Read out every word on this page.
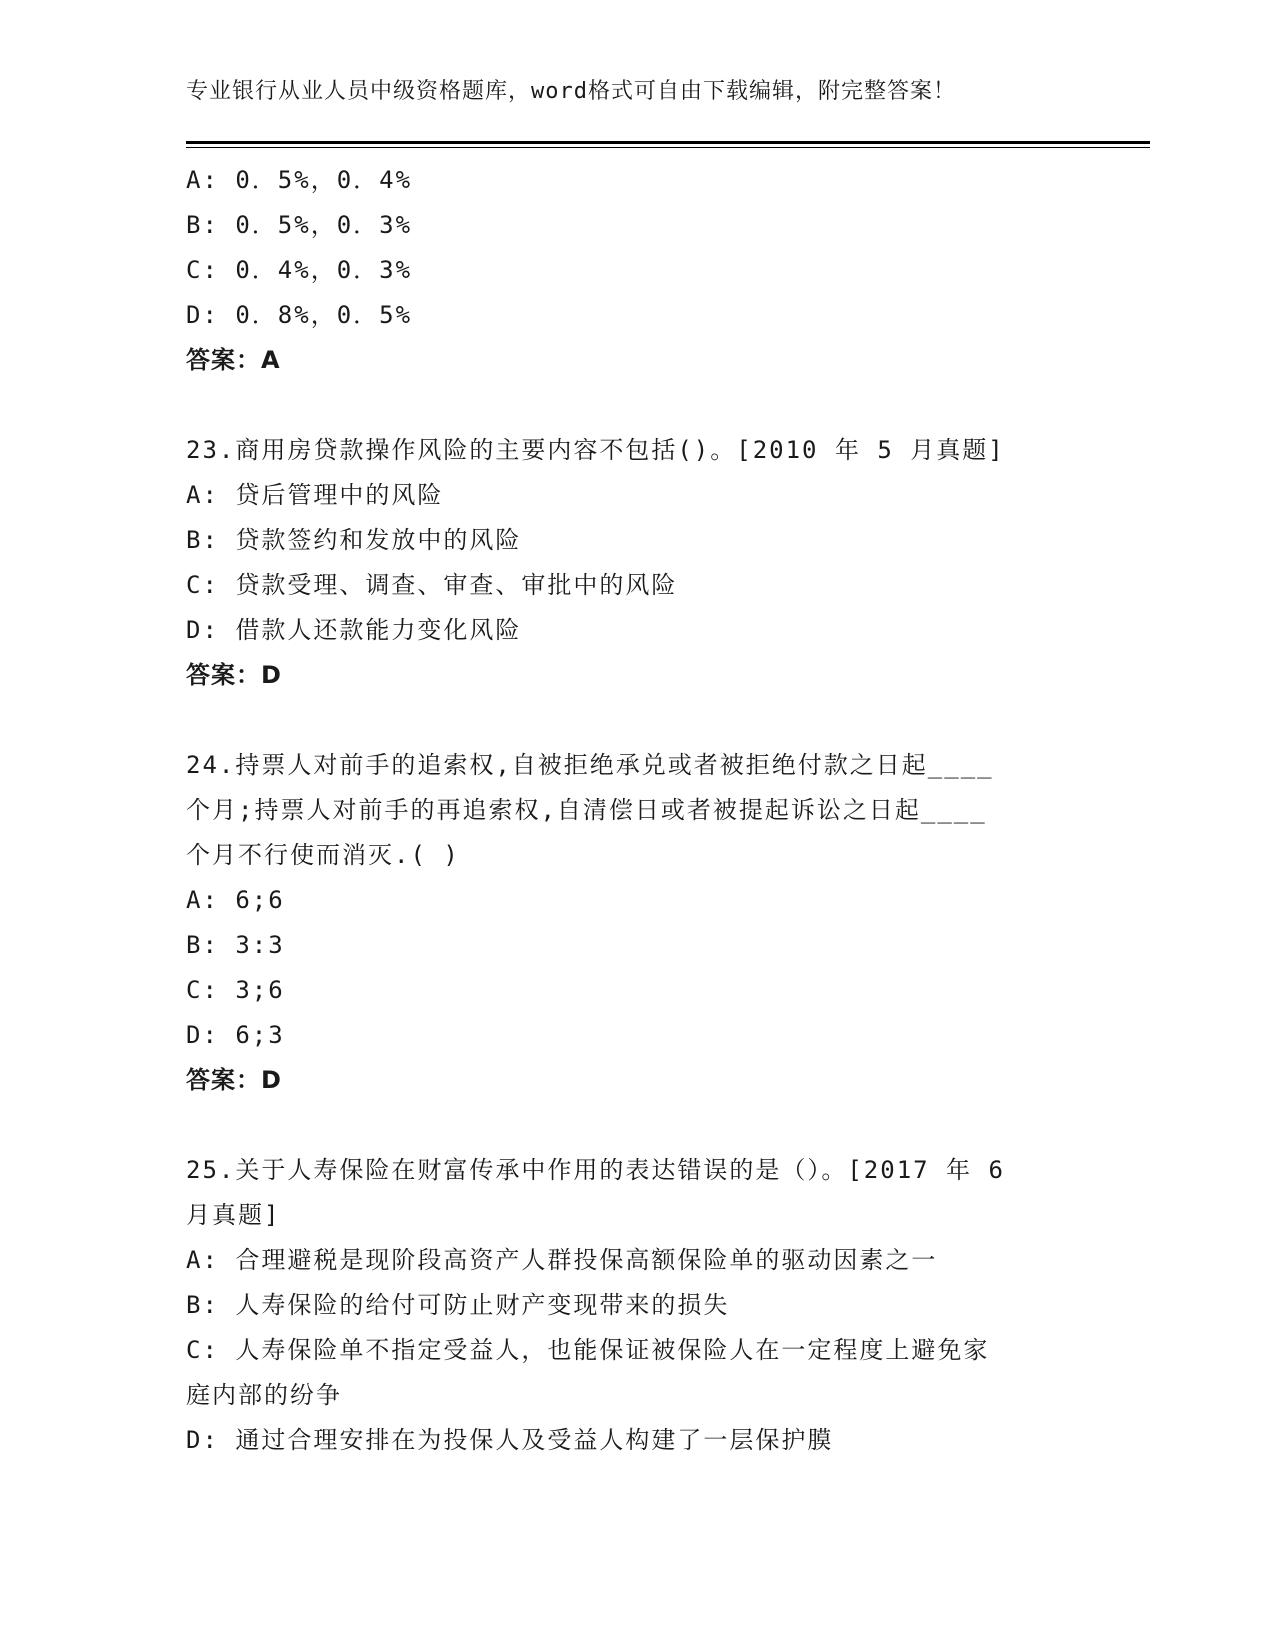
专业银行从业人员中级资格题库，word格式可自由下载编辑，附完整答案！
A: 0．5%，0．4%
B: 0．5%，0．3%
C: 0．4%，0．3%
D: 0．8%，0．5%
答案：A
23.商用房贷款操作风险的主要内容不包括()。[2010 年 5 月真题]
A: 贷后管理中的风险
B: 贷款签约和发放中的风险
C: 贷款受理、调查、审查、审批中的风险
D: 借款人还款能力变化风险
答案：D
24.持票人对前手的追索权,自被拒绝承兑或者被拒绝付款之日起____
个月;持票人对前手的再追索权,自清偿日或者被提起诉讼之日起____
个月不行使而消灭.( )
A: 6;6
B: 3:3
C: 3;6
D: 6;3
答案：D
25.关于人寿保险在财富传承中作用的表达错误的是（）。[2017 年 6
月真题]
A: 合理避税是现阶段高资产人群投保高额保险单的驱动因素之一
B: 人寿保险的给付可防止财产变现带来的损失
C: 人寿保险单不指定受益人，也能保证被保险人在一定程度上避免家
庭内部的纷争
D: 通过合理安排在为投保人及受益人构建了一层保护膜
